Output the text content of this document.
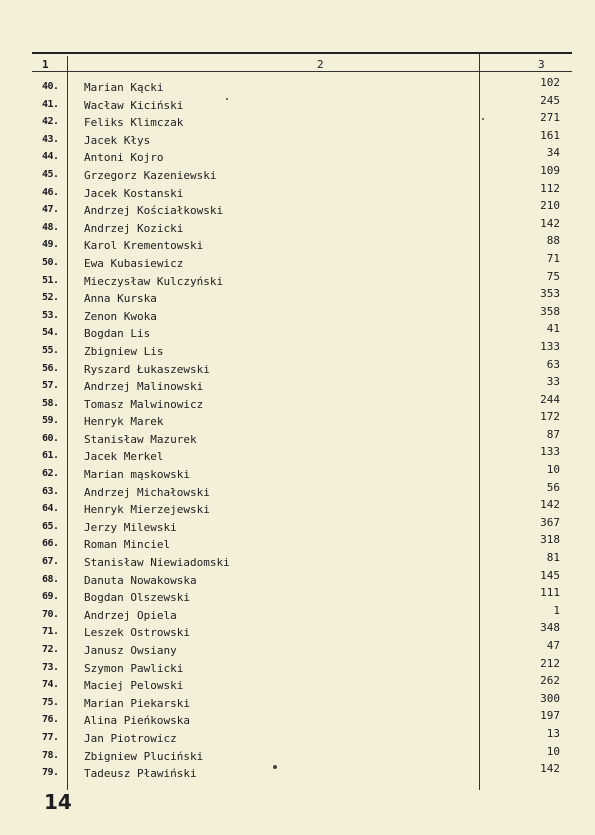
1	2	3
40. Marian Kącki	102
41. Wacław Kiciński	245
42. Feliks Klimczak	271
43. Jacek Kłys	161
44. Antoni Kojro	34
45. Grzegorz Kazeniewski	109
46. Jacek Kostanski	112
47. Andrzej Kościałkowski	210
48. Andrzej Kozicki	142
49. Karol Krementowski	88
50. Ewa Kubasiewicz	71
51. Mieczysław Kulczyński	75
52. Anna Kurska	353
53. Zenon Kwoka	358
54. Bogdan Lis	41
55. Zbigniew Lis	133
56. Ryszard Łukaszewski	63
57. Andrzej Malinowski	33
58. Tomasz Malwinowicz	244
59. Henryk Marek	172
60. Stanisław Mazurek	87
61. Jacek Merkel	133
62. Marian mąskowski	10
63. Andrzej Michałowski	56
64. Henryk Mierzejewski	142
65. Jerzy Milewski	367
66. Roman Minciel	318
67. Stanisław Niewiadomski	81
68. Danuta Nowakowska	145
69. Bogdan Olszewski	111
70. Andrzej Opiela	1
71. Leszek Ostrowski	348
72. Janusz Owsiany	47
73. Szymon Pawlicki	212
74. Maciej Pelowski	262
75. Marian Piekarski	300
76. Alina Pieńkowska	197
77. Jan Piotrowicz	13
78. Zbigniew Pluciński	10
79. Tadeusz Pławiński	142
14
